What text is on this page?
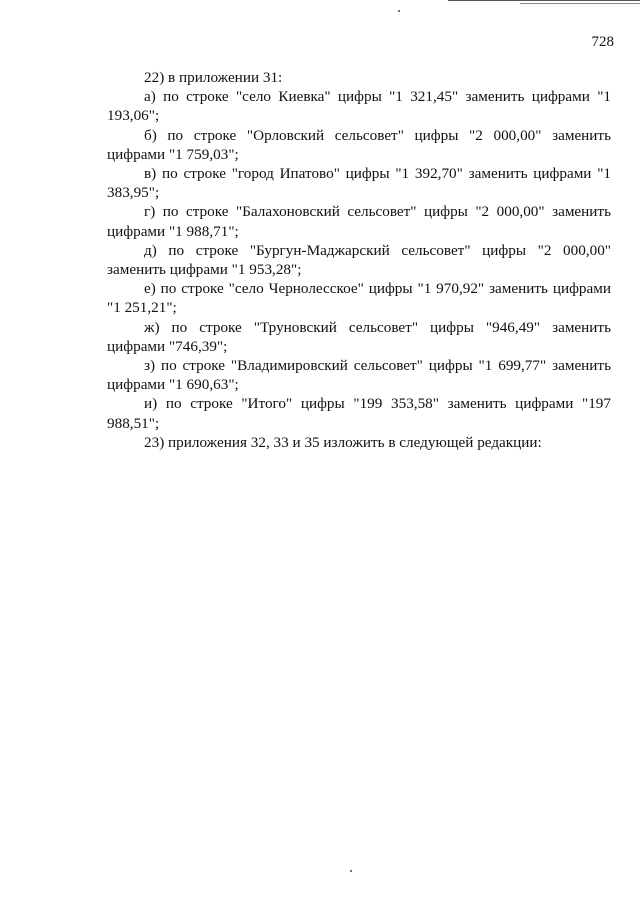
728

22) в приложении 31:

а) по строке "село Киевка" цифры "1 321,45" заменить цифрами "1 193,06";

б) по строке "Орловский сельсовет" цифры "2 000,00" заменить цифрами "1 759,03";

в) по строке "город Ипатово" цифры "1 392,70" заменить цифрами "1 383,95";

г) по строке "Балахоновский сельсовет" цифры "2 000,00" заменить цифрами "1 988,71";

д) по строке "Бургун-Маджарский сельсовет" цифры "2 000,00" заменить цифрами "1 953,28";

е) по строке "село Чернолесское" цифры "1 970,92" заменить цифрами "1 251,21";

ж) по строке "Труновский сельсовет" цифры "946,49" заменить цифрами "746,39";

з) по строке "Владимировский сельсовет" цифры "1 699,77" заменить цифрами "1 690,63";

и) по строке "Итого" цифры "199 353,58" заменить цифрами "197 988,51";

23) приложения 32, 33 и 35 изложить в следующей редакции:
